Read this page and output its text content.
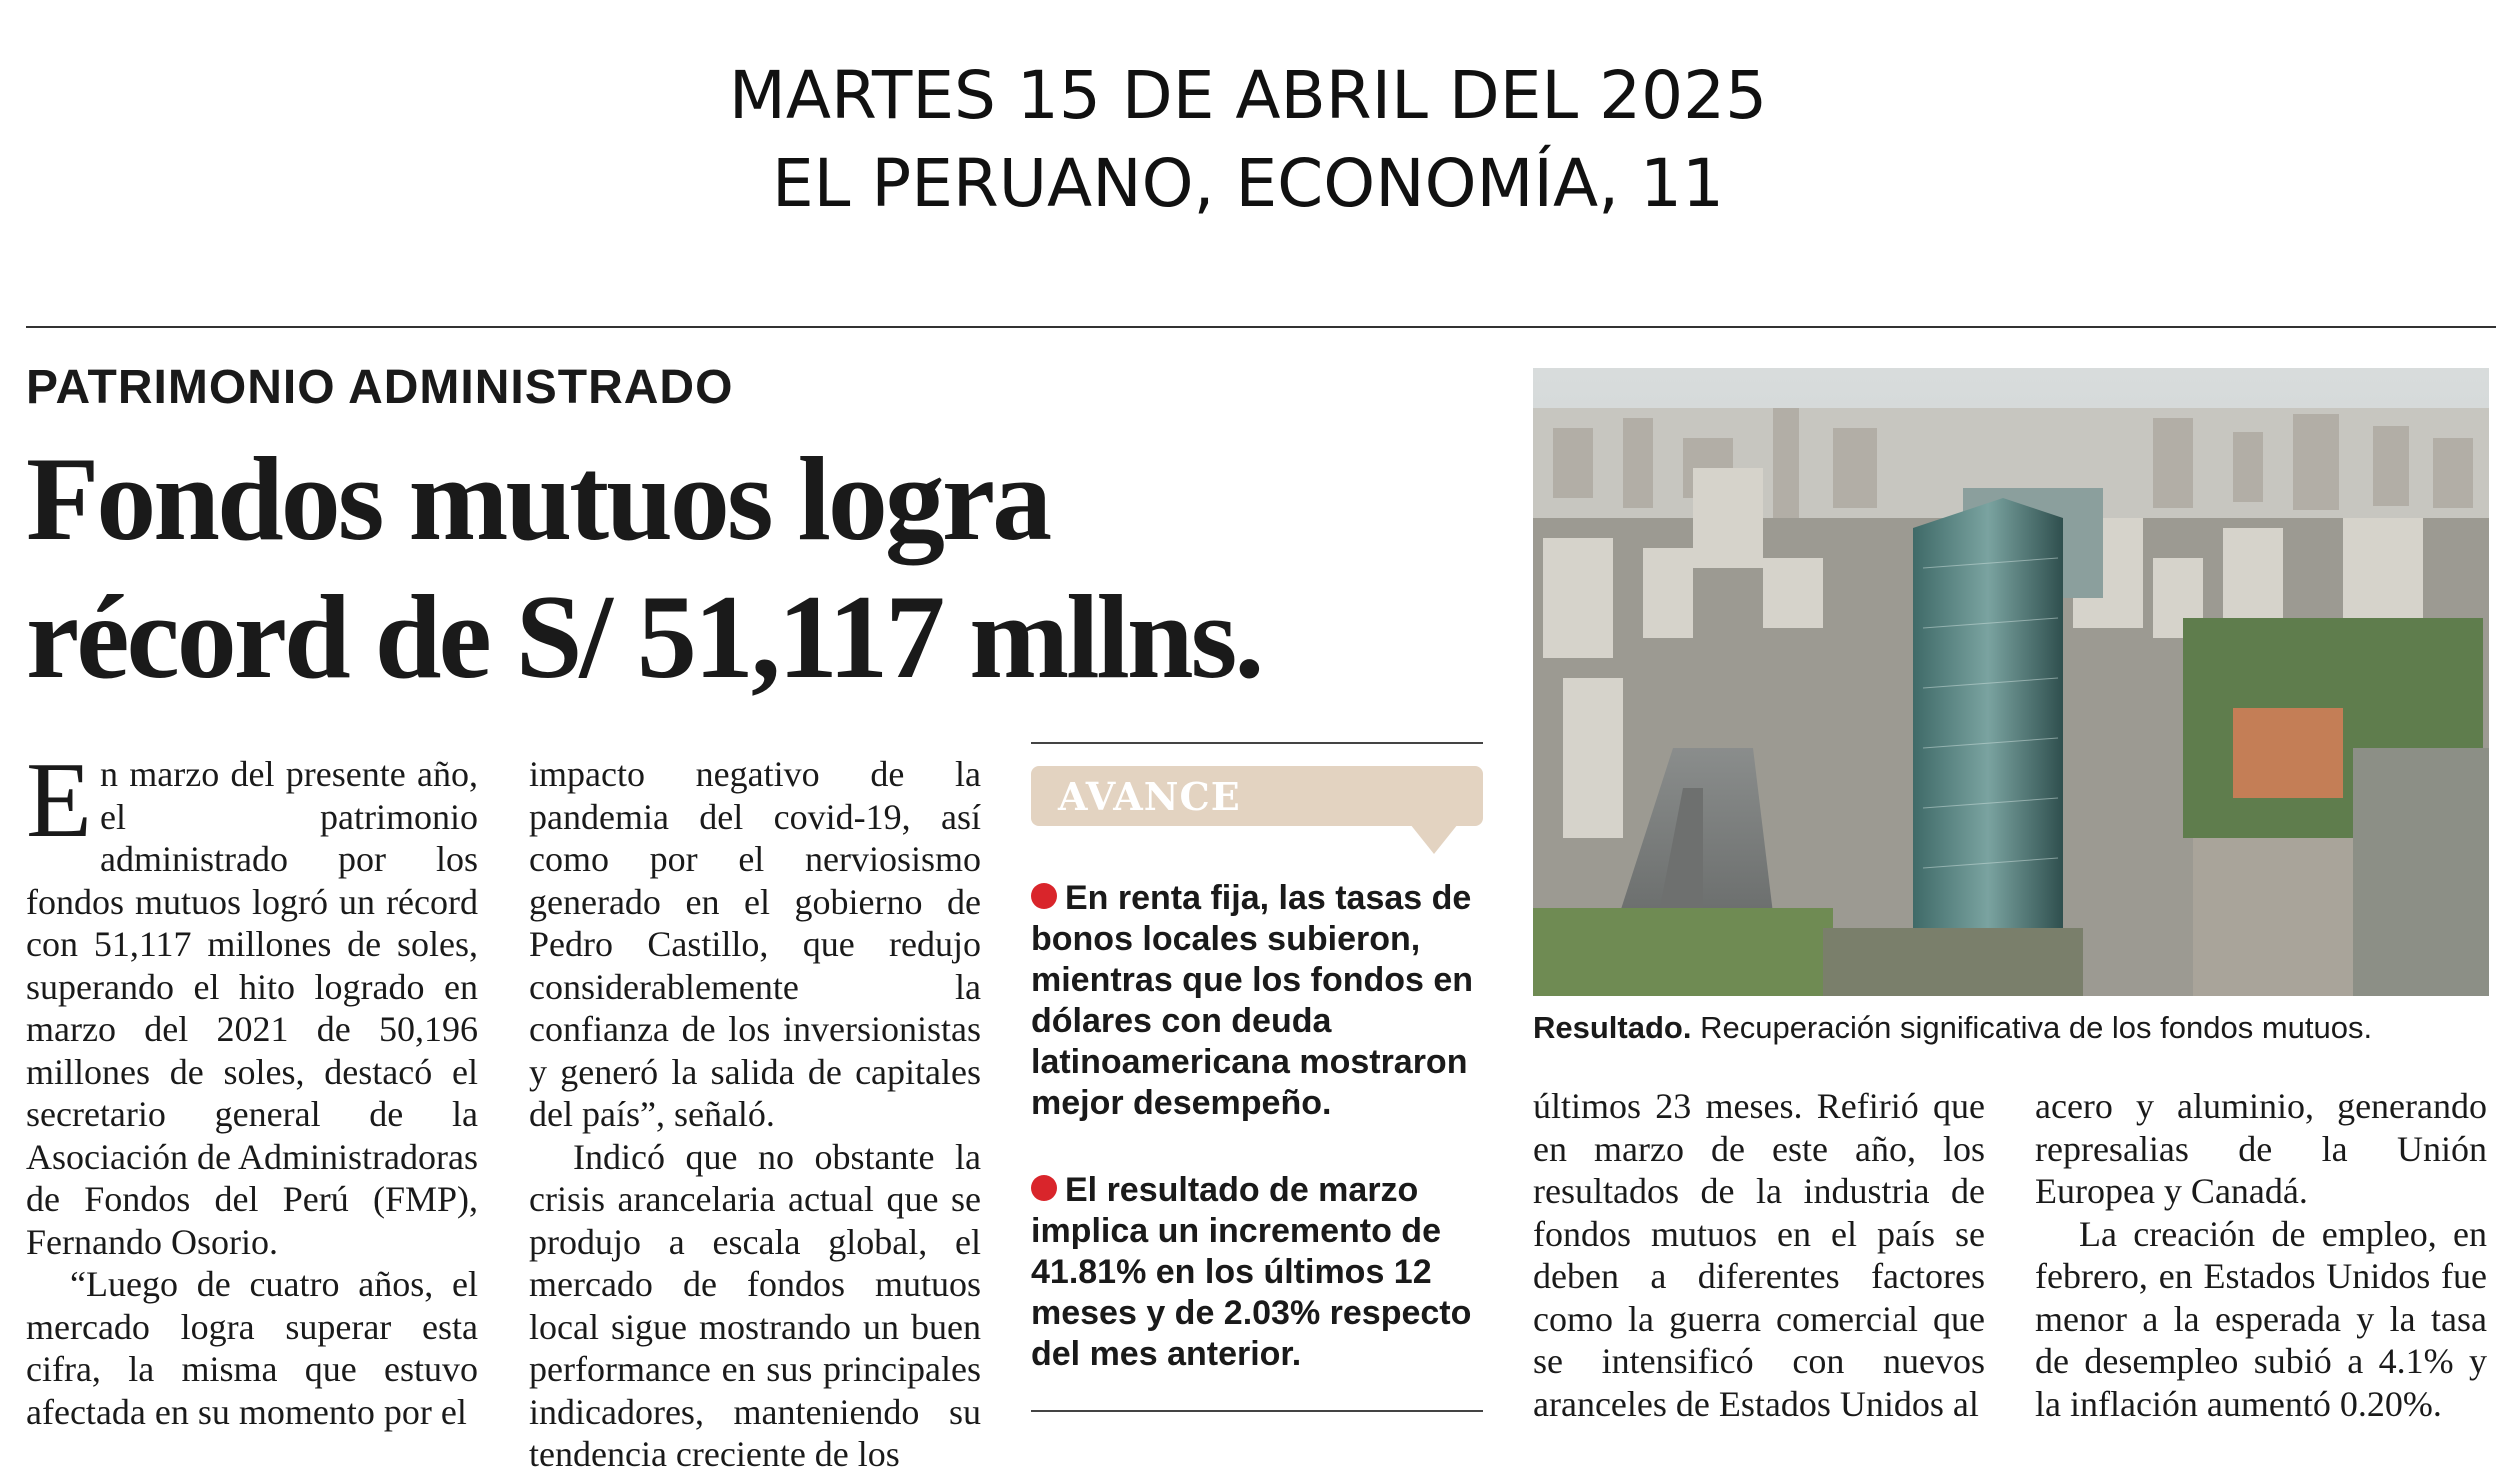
MARTES 15 DE ABRIL DEL 2025
EL PERUANO, ECONOMÍA, 11
PATRIMONIO ADMINISTRADO
Fondos mutuos logra
récord de S/ 51,117 mllns.

En marzo del presente año, el patrimonio administrado por los fondos mutuos logró un récord con 51,117 millones de soles, superando el hito logrado en marzo del 2021 de 50,196 millones de soles, destacó el secretario general de la Asociación de Administradoras de Fondos del Perú (FMP), Fernando Osorio.

“Luego de cuatro años, el mercado logra superar esta cifra, la misma que estuvo afectada en su momento por el

impacto negativo de la pandemia del covid-19, así como por el nerviosismo generado en el gobierno de Pedro Castillo, que redujo considerablemente la confianza de los inversionistas y generó la salida de capitales del país”, señaló.

Indicó que no obstante la crisis arancelaria actual que se produjo a escala global, el mercado de fondos mutuos local sigue mostrando un buen performance en sus principales indicadores, manteniendo su tendencia creciente de los

AVANCE
En renta fija, las tasas de bonos locales subieron, mientras que los fondos en dólares con deuda latinoamericana mostraron mejor desempeño.
El resultado de marzo implica un incremento de 41.81% en los últimos 12 meses y de 2.03% respecto del mes anterior.
Resultado. Recuperación significativa de los fondos mutuos.

últimos 23 meses. Refirió que en marzo de este año, los resultados de la industria de fondos mutuos en el país se deben a diferentes factores como la guerra comercial que se intensificó con nuevos aranceles de Estados Unidos al

acero y aluminio, generando represalias de la Unión Europea y Canadá.

La creación de empleo, en febrero, en Estados Unidos fue menor a la esperada y la tasa de desempleo subió a 4.1% y la inflación aumentó 0.20%.
